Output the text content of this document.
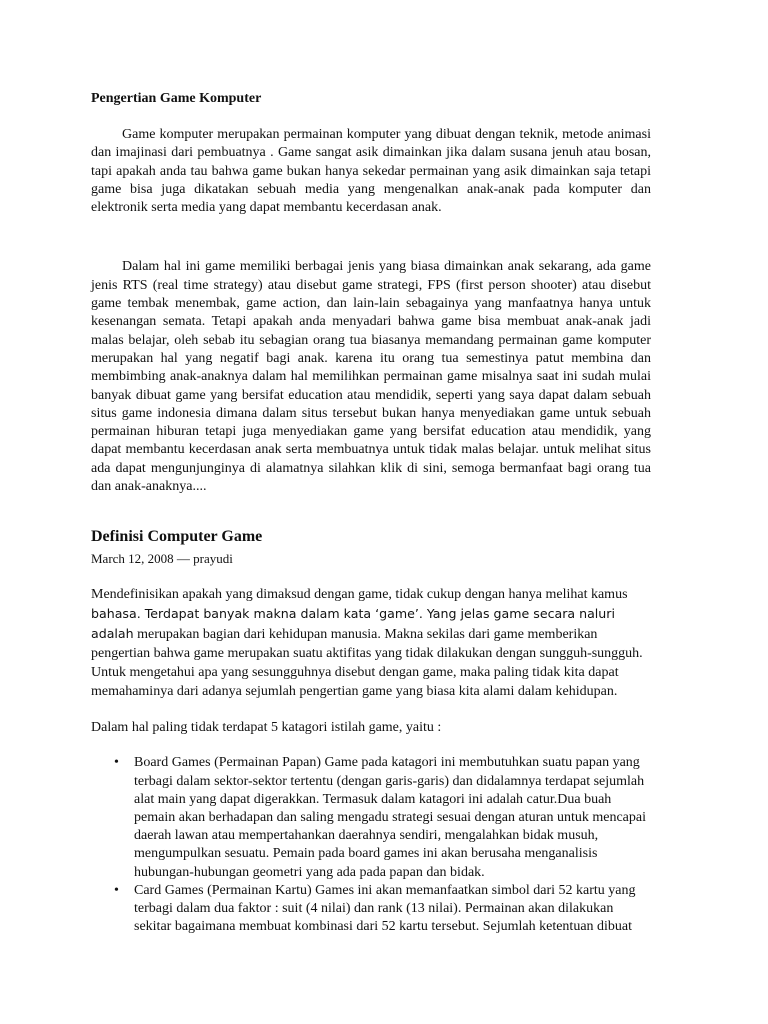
Pengertian Game Komputer

Game komputer merupakan permainan komputer yang dibuat dengan teknik, metode animasi dan imajinasi dari pembuatnya . Game sangat asik dimainkan jika dalam susana jenuh atau bosan, tapi apakah anda tau bahwa game bukan hanya sekedar permainan yang asik dimainkan saja tetapi game bisa juga dikatakan sebuah media yang mengenalkan anak-anak pada komputer dan elektronik serta media yang dapat membantu kecerdasan anak.

Dalam hal ini game memiliki berbagai jenis yang biasa dimainkan anak sekarang, ada game jenis RTS (real time strategy) atau disebut game strategi, FPS (first person shooter) atau disebut game tembak menembak, game action, dan lain-lain sebagainya yang manfaatnya hanya untuk kesenangan semata. Tetapi apakah anda menyadari bahwa game bisa membuat anak-anak jadi malas belajar, oleh sebab itu sebagian orang tua biasanya memandang permainan game komputer merupakan hal yang negatif bagi anak. karena itu orang tua semestinya patut membina dan membimbing anak-anaknya dalam hal memilihkan permainan game misalnya saat ini sudah mulai banyak dibuat game yang bersifat education atau mendidik, seperti yang saya dapat dalam sebuah situs game indonesia dimana dalam situs tersebut bukan hanya menyediakan game untuk sebuah permainan hiburan tetapi juga menyediakan game yang bersifat education atau mendidik, yang dapat membantu kecerdasan anak serta membuatnya untuk tidak malas belajar. untuk melihat situs ada dapat mengunjunginya di alamatnya silahkan klik di sini, semoga bermanfaat bagi orang tua dan anak-anaknya....

Definisi Computer Game
March 12, 2008 — prayudi

Mendefinisikan apakah yang dimaksud dengan game, tidak cukup dengan hanya melihat kamus bahasa. Terdapat banyak makna dalam kata ‘game’. Yang jelas game secara naluri adalah merupakan bagian dari kehidupan manusia. Makna sekilas dari game memberikan pengertian bahwa game merupakan suatu aktifitas yang tidak dilakukan dengan sungguh-sungguh. Untuk mengetahui apa yang sesungguhnya disebut dengan game, maka paling tidak kita dapat memahaminya dari adanya sejumlah pengertian game yang biasa kita alami dalam kehidupan.

Dalam hal paling tidak terdapat 5 katagori istilah game, yaitu :

• Board Games (Permainan Papan) Game pada katagori ini membutuhkan suatu papan yang terbagi dalam sektor-sektor tertentu (dengan garis-garis) dan didalamnya terdapat sejumlah alat main yang dapat digerakkan. Termasuk dalam katagori ini adalah catur.Dua buah pemain akan berhadapan dan saling mengadu strategi sesuai dengan aturan untuk mencapai daerah lawan atau mempertahankan daerahnya sendiri, mengalahkan bidak musuh, mengumpulkan sesuatu. Pemain pada board games ini akan berusaha menganalisis hubungan-hubungan geometri yang ada pada papan dan bidak.
• Card Games (Permainan Kartu) Games ini akan memanfaatkan simbol dari 52 kartu yang terbagi dalam dua faktor : suit (4 nilai) dan rank (13 nilai). Permainan akan dilakukan sekitar bagaimana membuat kombinasi dari 52 kartu tersebut. Sejumlah ketentuan dibuat
